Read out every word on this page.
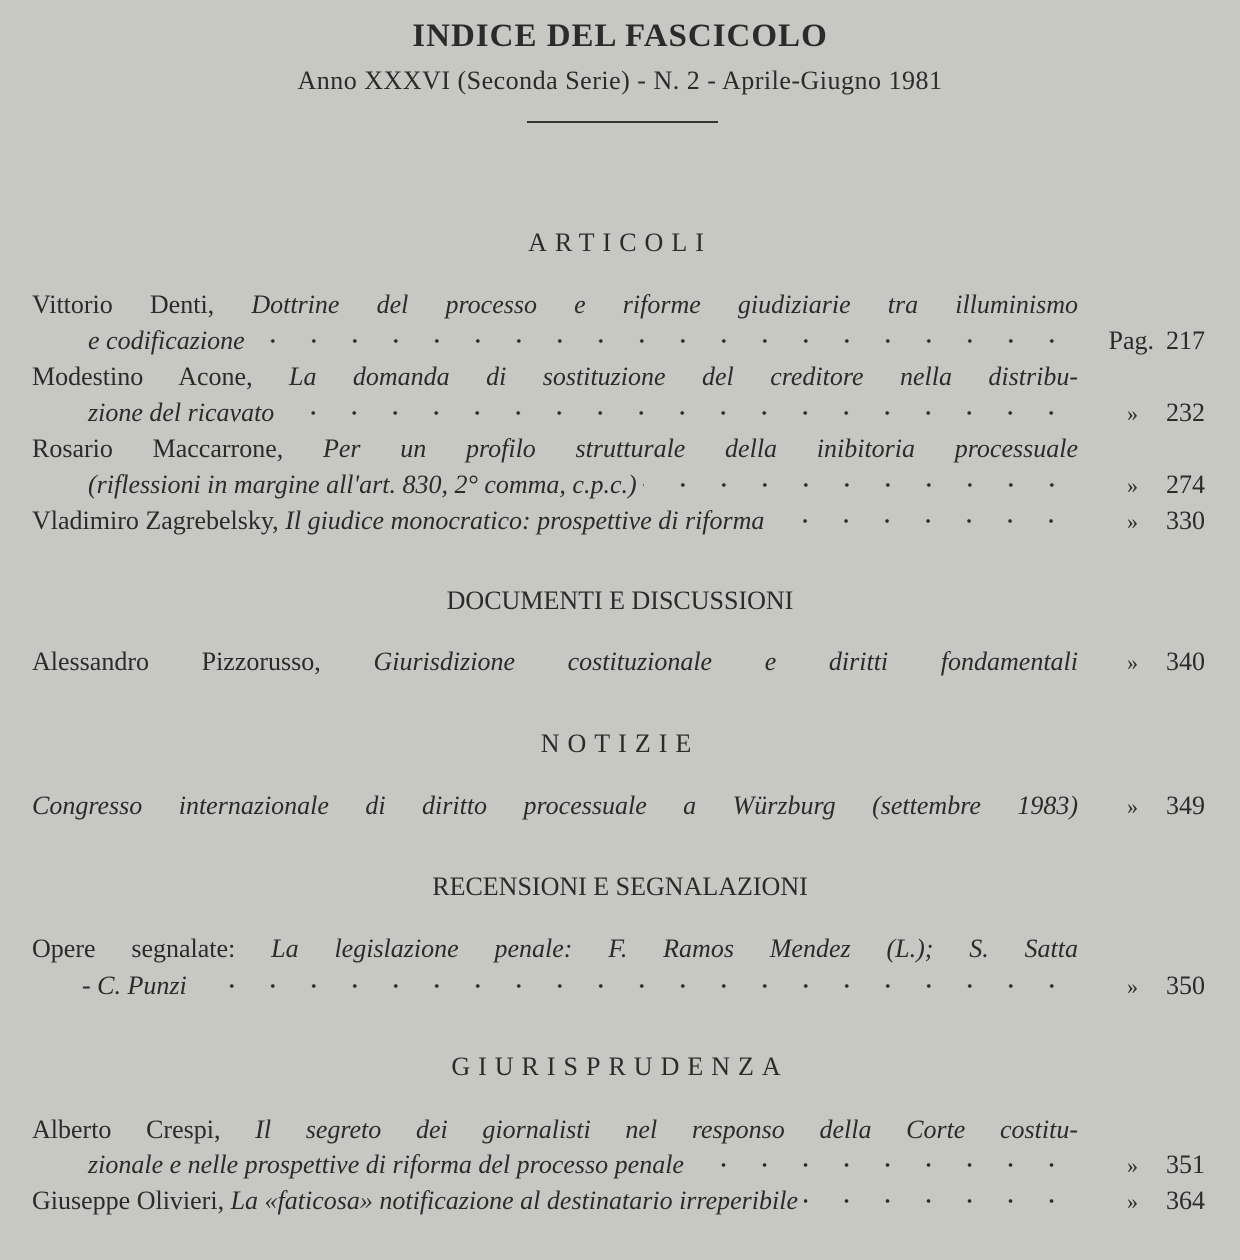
INDICE DEL FASCICOLO
Anno XXXVI (Seconda Serie) - N. 2 - Aprile-Giugno 1981
ARTICOLI
Vittorio Denti, Dottrine del processo e riforme giudiziarie tra illuminismo
e codificazione	Pag. 217
Modestino Acone, La domanda di sostituzione del creditore nella distribu-
zione del ricavato	»	232
Rosario Maccarrone, Per un profilo strutturale della inibitoria processuale
(riflessioni in margine all'art. 830, 2° comma, c.p.c.)	»	274
Vladimiro Zagrebelsky,
Il giudice monocratico: prospettive di riforma	»	330
DOCUMENTI E DISCUSSIONI
Alessandro Pizzorusso, Giurisdizione costituzionale e diritti fondamentali	»	340
NOTIZIE
Congresso internazionale di diritto processuale a Würzburg (settembre 1983)	»	349
RECENSIONI E SEGNALAZIONI
Opere segnalate: La legislazione penale: F. Ramos Mendez (L.); S. Satta
- C. Punzi	»	350
GIURISPRUDENZA
Alberto Crespi, Il segreto dei giornalisti nel responso della Corte costitu-
zionale e nelle prospettive di riforma del processo penale	»	351
Giuseppe Olivieri,
La «faticosa» notificazione al destinatario irreperibile	»	364
